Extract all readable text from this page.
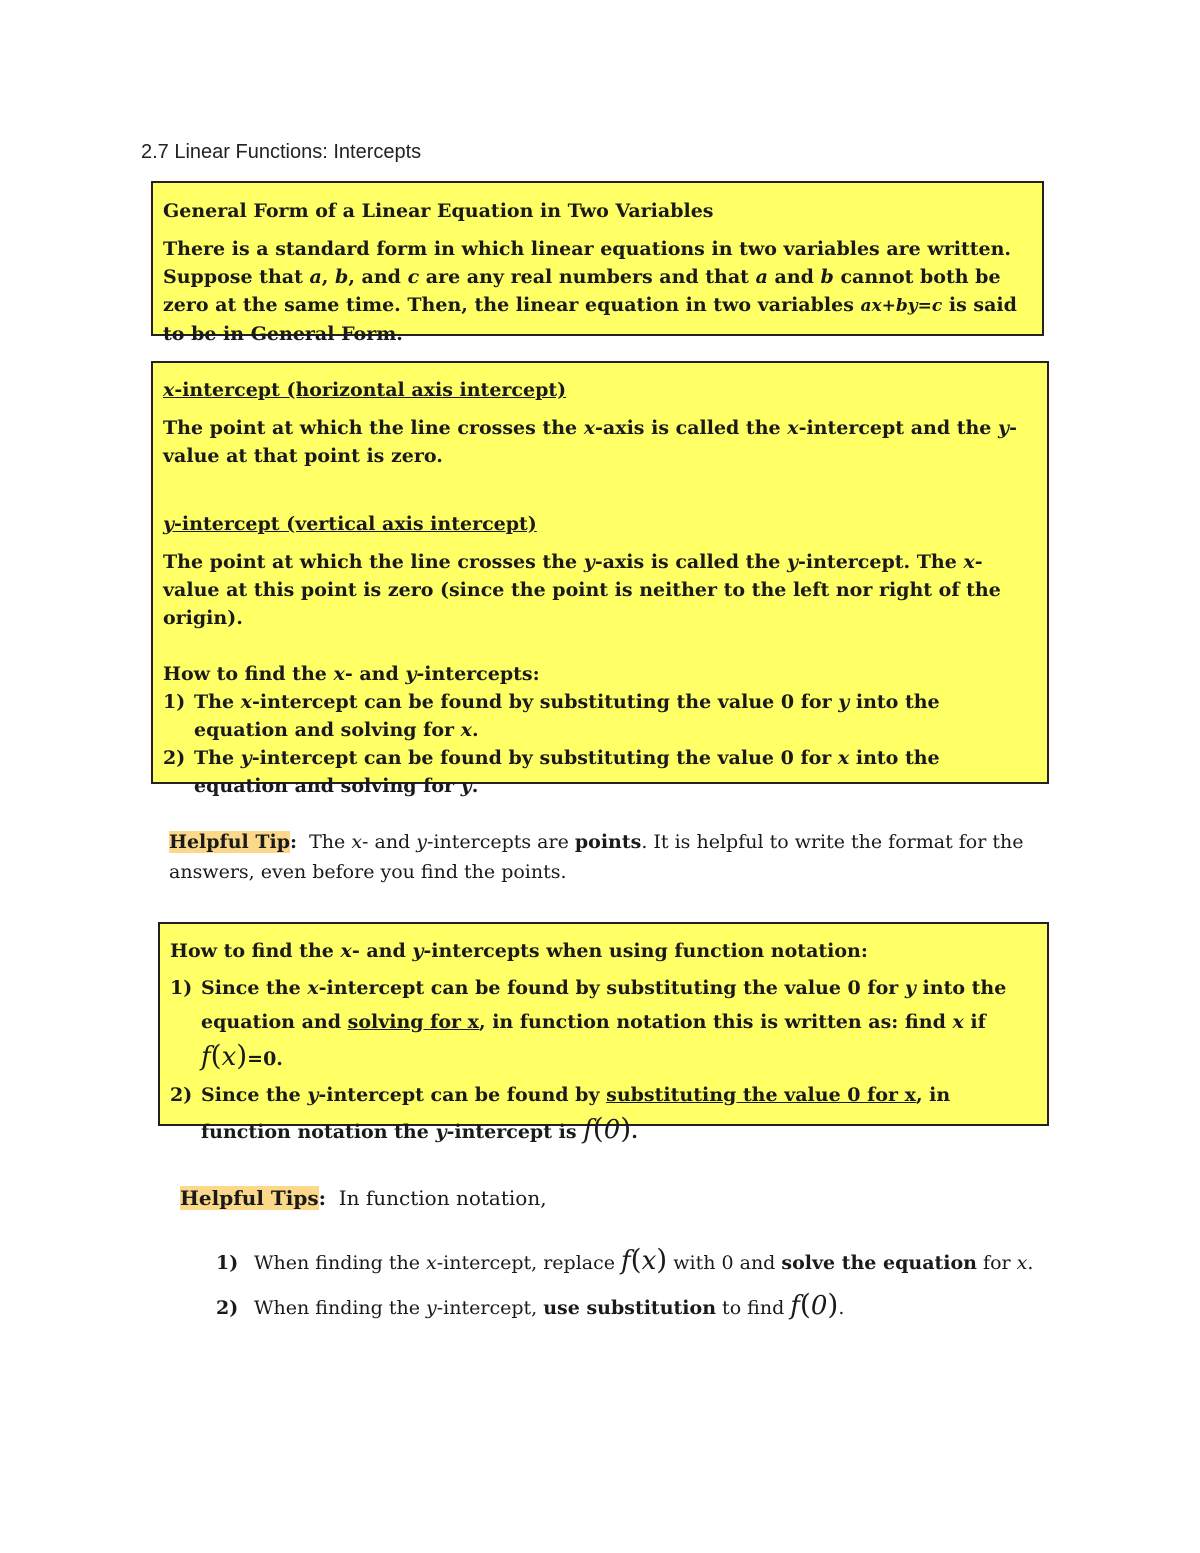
2.7 Linear Functions: Intercepts

General Form of a Linear Equation in Two Variables

There is a standard form in which linear equations in two variables are written. Suppose that a, b, and c are any real numbers and that a and b cannot both be zero at the same time. Then, the linear equation in two variables ax+by=c is said to be in General Form.

x-intercept (horizontal axis intercept)

The point at which the line crosses the x-axis is called the x-intercept and the y-value at that point is zero.

y-intercept (vertical axis intercept)

The point at which the line crosses the y-axis is called the y-intercept. The x-value at this point is zero (since the point is neither to the left nor right of the origin).

How to find the x- and y-intercepts:

1) The x-intercept can be found by substituting the value 0 for y into the equation and solving for x.
2) The y-intercept can be found by substituting the value 0 for x into the equation and solving for y.
Helpful Tip:  The x- and y-intercepts are points. It is helpful to write the format for the answers, even before you find the points.

How to find the x- and y-intercepts when using function notation:

1) Since the x-intercept can be found by substituting the value 0 for y into the equation and solving for x, in function notation this is written as: find x if f(x)=0.
2) Since the y-intercept can be found by substituting the value 0 for x, in function notation the y-intercept is f(0).
Helpful Tips:  In function notation,
1) When finding the x-intercept, replace f(x) with 0 and solve the equation for x.
2) When finding the y-intercept, use substitution to find f(0).
